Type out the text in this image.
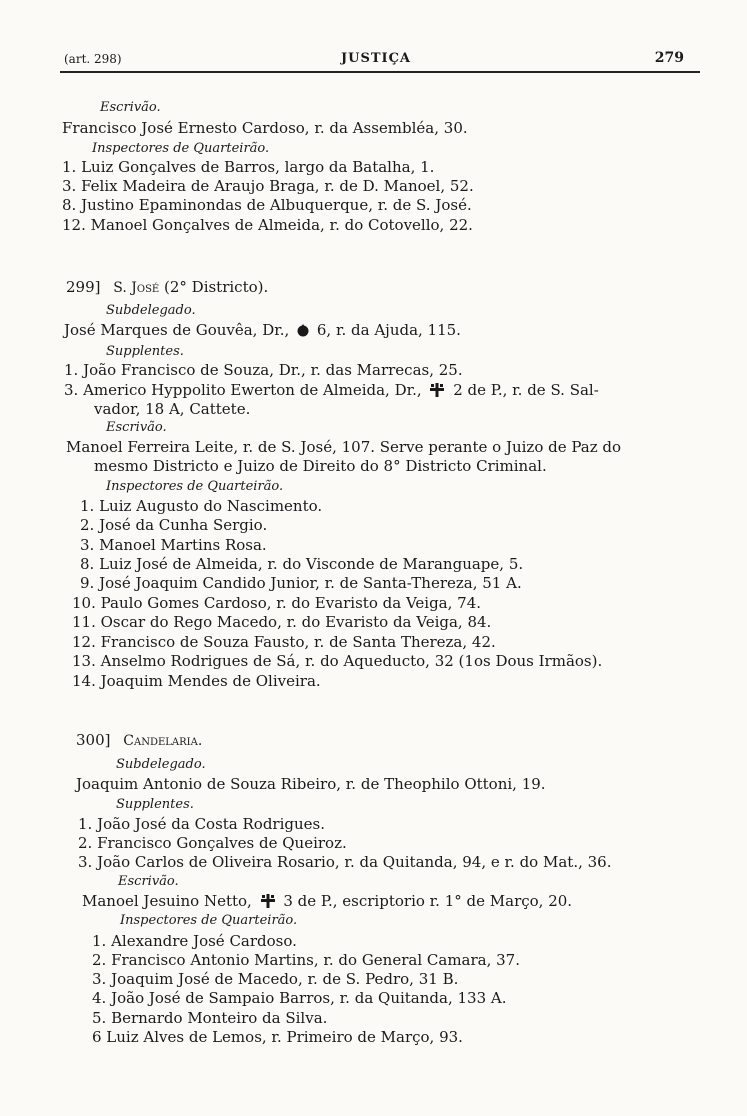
(art. 298)	JUSTIÇA	279
Escrivão.
Francisco José Ernesto Cardoso, r. da Assembléa, 30.
Inspectores de Quarteirão.
1. Luiz Gonçalves de Barros, largo da Batalha, 1.
3. Felix Madeira de Araujo Braga, r. de D. Manoel, 52.
8. Justino Epaminondas de Albuquerque, r. de S. José.
12. Manoel Gonçalves de Almeida, r. do Cotovello, 22.
299] S. José (2° Districto).
Subdelegado.
José Marques de Gouvêa, Dr., 6, r. da Ajuda, 115.
Supplentes.
1. João Francisco de Souza, Dr., r. das Marrecas, 25.
3. Americo Hyppolito Ewerton de Almeida, Dr., 2 de P., r. de S. Sal-
vador, 18 A, Cattete.
Escrivão.
Manoel Ferreira Leite, r. de S. José, 107. Serve perante o Juizo de Paz do
mesmo Districto e Juizo de Direito do 8° Districto Criminal.
Inspectores de Quarteirão.
1. Luiz Augusto do Nascimento.
2. José da Cunha Sergio.
3. Manoel Martins Rosa.
8. Luiz José de Almeida, r. do Visconde de Maranguape, 5.
9. José Joaquim Candido Junior, r. de Santa-Thereza, 51 A.
10. Paulo Gomes Cardoso, r. do Evaristo da Veiga, 74.
11. Oscar do Rego Macedo, r. do Evaristo da Veiga, 84.
12. Francisco de Souza Fausto, r. de Santa Thereza, 42.
13. Anselmo Rodrigues de Sá, r. do Aqueducto, 32 (1os Dous Irmãos).
14. Joaquim Mendes de Oliveira.
300] Candelaria.
Subdelegado.
Joaquim Antonio de Souza Ribeiro, r. de Theophilo Ottoni, 19.
Supplentes.
1. João José da Costa Rodrigues.
2. Francisco Gonçalves de Queiroz.
3. João Carlos de Oliveira Rosario, r. da Quitanda, 94, e r. do Mat., 36.
Escrivão.
Manoel Jesuino Netto, 3 de P., escriptorio r. 1° de Março, 20.
Inspectores de Quarteirão.
1. Alexandre José Cardoso.
2. Francisco Antonio Martins, r. do General Camara, 37.
3. Joaquim José de Macedo, r. de S. Pedro, 31 B.
4. João José de Sampaio Barros, r. da Quitanda, 133 A.
5. Bernardo Monteiro da Silva.
6 Luiz Alves de Lemos, r. Primeiro de Março, 93.
